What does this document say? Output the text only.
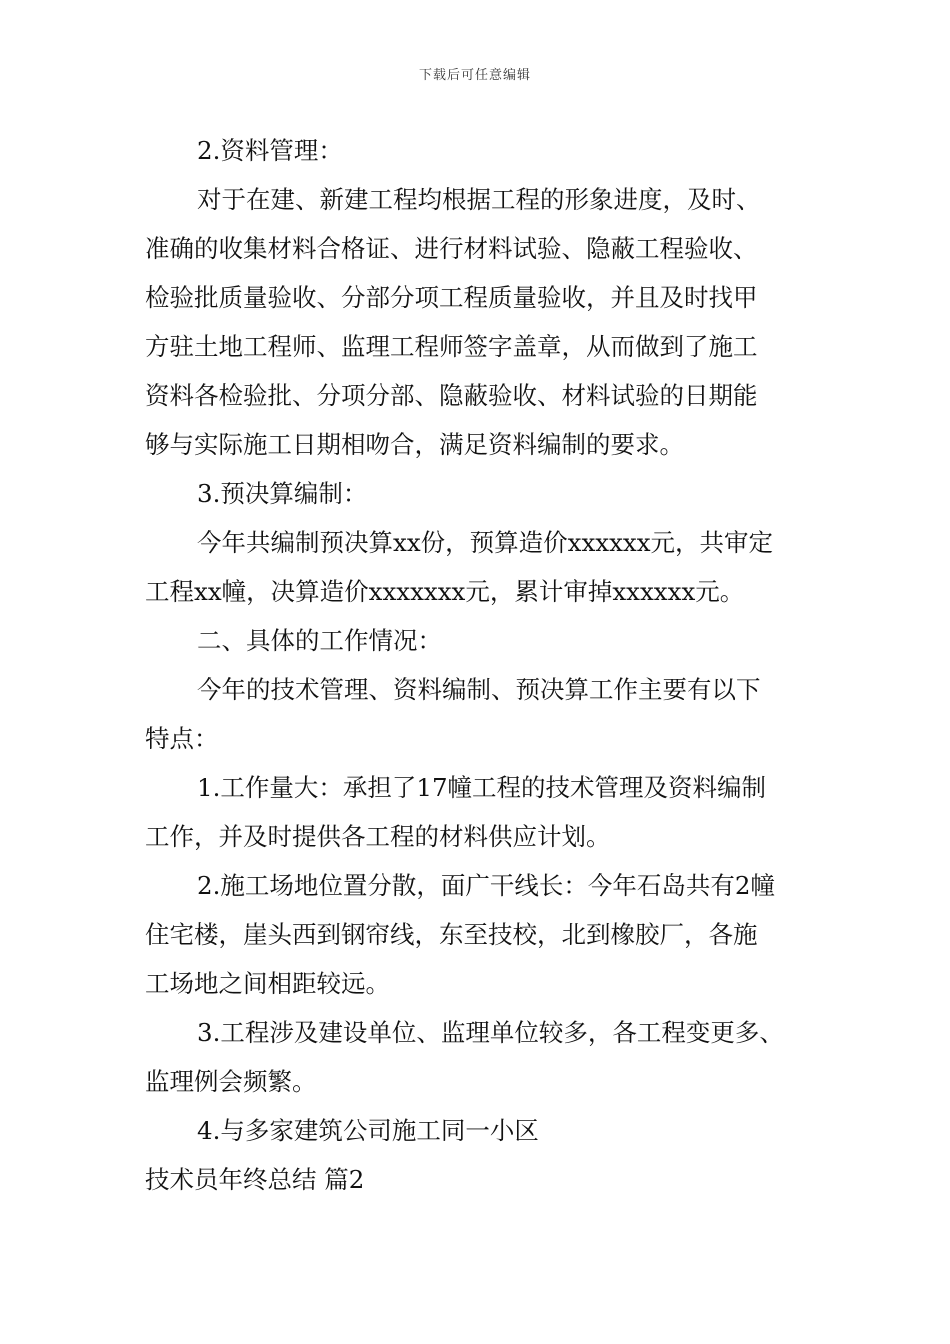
下载后可任意编辑
2.资料管理：
对于在建、新建工程均根据工程的形象进度，及时、
准确的收集材料合格证、进行材料试验、隐蔽工程验收、
检验批质量验收、分部分项工程质量验收，并且及时找甲
方驻土地工程师、监理工程师签字盖章，从而做到了施工
资料各检验批、分项分部、隐蔽验收、材料试验的日期能
够与实际施工日期相吻合，满足资料编制的要求。
3.预决算编制：
今年共编制预决算xx份，预算造价xxxxxx元，共审定
工程xx幢，决算造价xxxxxxx元，累计审掉xxxxxx元。
二、具体的工作情况：
今年的技术管理、资料编制、预决算工作主要有以下
特点：
1.工作量大：承担了17幢工程的技术管理及资料编制
工作，并及时提供各工程的材料供应计划。
2.施工场地位置分散，面广干线长：今年石岛共有2幢
住宅楼，崖头西到钢帘线，东至技校，北到橡胶厂，各施
工场地之间相距较远。
3.工程涉及建设单位、监理单位较多，各工程变更多、
监理例会频繁。
4.与多家建筑公司施工同一小区
技术员年终总结 篇2
